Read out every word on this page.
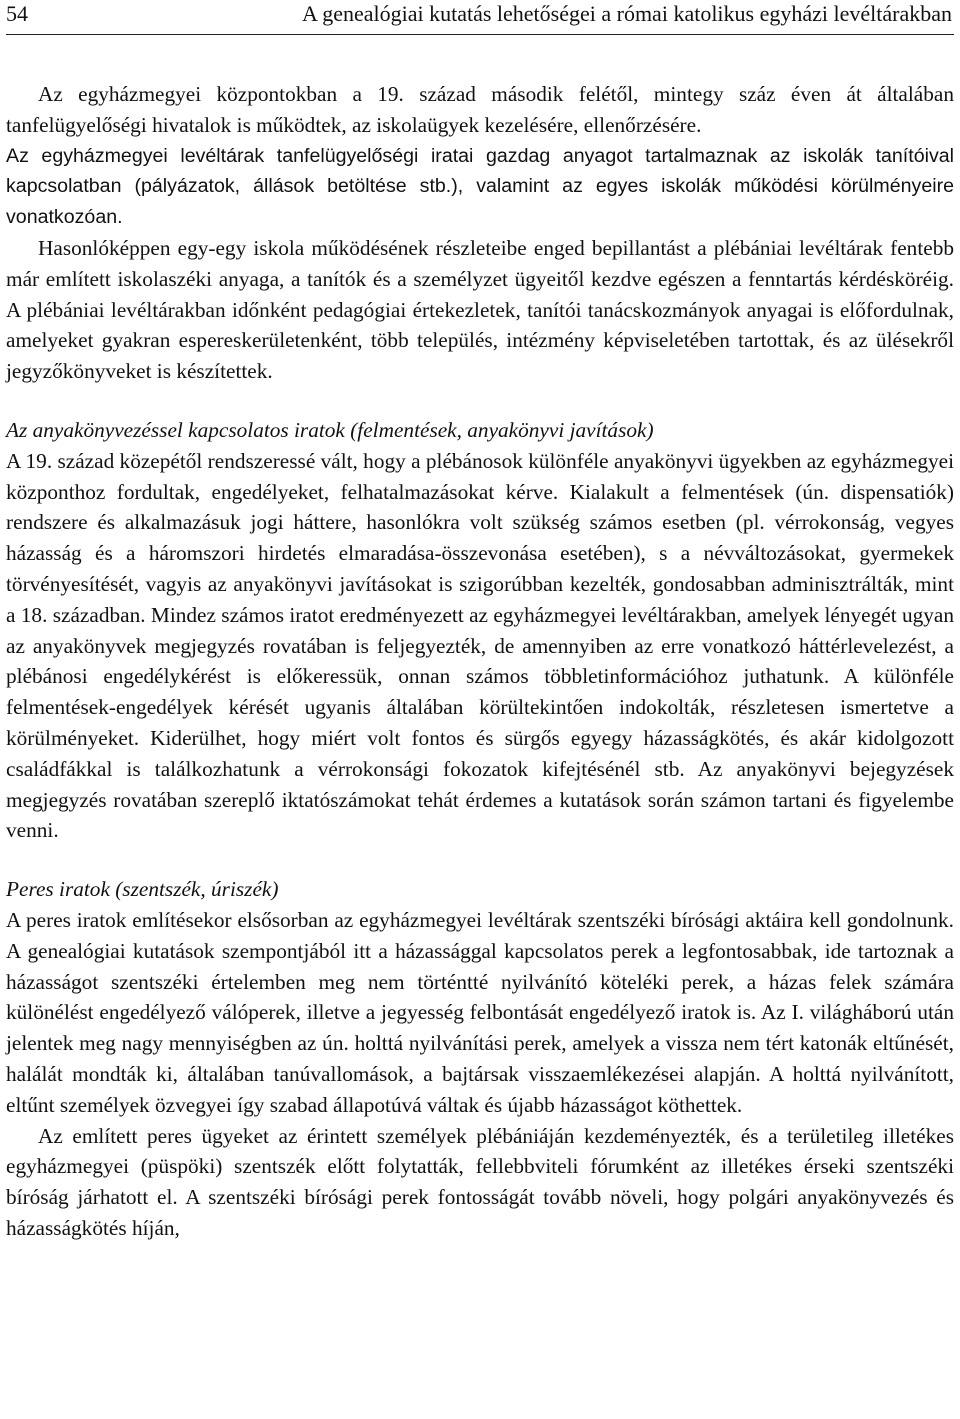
54	A genealógiai kutatás lehetőségei a római katolikus egyházi levéltárakban

Az egyházmegyei központokban a 19. század második felétől, mintegy száz éven át általában tanfelügyelőségi hivatalok is működtek, az iskolaügyek kezelésére, ellenőrzésére.

Az egyházmegyei levéltárak tanfelügyelőségi iratai gazdag anyagot tartalmaznak az iskolák tanítóival kapcsolatban (pályázatok, állások betöltése stb.), valamint az egyes iskolák működési körülményeire vonatkozóan.

Hasonlóképpen egy-egy iskola működésének részleteibe enged bepillantást a plébániai levéltárak fentebb már említett iskolaszéki anyaga, a tanítók és a személyzet ügyeitől kezdve egészen a fenntartás kérdésköréig. A plébániai levéltárakban időnként pedagógiai értekezletek, tanítói tanácskozmányok anyagai is előfordulnak, amelyeket gyakran espereskerületenként, több település, intézmény képviseletében tartottak, és az ülésekről jegyzőkönyveket is készítettek.

Az anyakönyvezéssel kapcsolatos iratok (felmentések, anyakönyvi javítások)

A 19. század közepétől rendszeressé vált, hogy a plébánosok különféle anyakönyvi ügyekben az egyházmegyei központhoz fordultak, engedélyeket, felhatalmazásokat kérve. Kialakult a felmentések (ún. dispensatiók) rendszere és alkalmazásuk jogi háttere, hasonlókra volt szükség számos esetben (pl. vérrokonság, vegyes házasság és a háromszori hirdetés elmaradása-összevonása esetében), s a névváltozásokat, gyermekek törvényesítését, vagyis az anyakönyvi javításokat is szigorúbban kezelték, gondosabban adminisztrálták, mint a 18. században. Mindez számos iratot eredményezett az egyházmegyei levéltárakban, amelyek lényegét ugyan az anyakönyvek megjegyzés rovatában is feljegyezték, de amennyiben az erre vonatkozó háttérlevelezést, a plébánosi engedélykérést is előkeressük, onnan számos többletinformációhoz juthatunk. A különféle felmentések-engedélyek kérését ugyanis általában körültekintően indokolták, részletesen ismertetve a körülményeket. Kiderülhet, hogy miért volt fontos és sürgős egyegy házasságkötés, és akár kidolgozott családfákkal is találkozhatunk a vérrokonsági fokozatok kifejtésénél stb. Az anyakönyvi bejegyzések megjegyzés rovatában szereplő iktatószámokat tehát érdemes a kutatások során számon tartani és figyelembe venni.

Peres iratok (szentszék, úriszék)

A peres iratok említésekor elsősorban az egyházmegyei levéltárak szentszéki bírósági aktáira kell gondolnunk. A genealógiai kutatások szempontjából itt a házassággal kapcsolatos perek a legfontosabbak, ide tartoznak a házasságot szentszéki értelemben meg nem történtté nyilvánító köteléki perek, a házas felek számára különélést engedélyező válóperek, illetve a jegyesség felbontását engedélyező iratok is. Az I. világháború után jelentek meg nagy mennyiségben az ún. holttá nyilvánítási perek, amelyek a vissza nem tért katonák eltűnését, halálát mondták ki, általában tanúvallomások, a bajtársak visszaemlékezései alapján. A holttá nyilvánított, eltűnt személyek özvegyei így szabad állapotúvá váltak és újabb házasságot köthettek.

Az említett peres ügyeket az érintett személyek plébániáján kezdeményezték, és a területileg illetékes egyházmegyei (püspöki) szentszék előtt folytatták, fellebbviteli fórumként az illetékes érseki szentszéki bíróság járhatott el. A szentszéki bírósági perek fontosságát tovább növeli, hogy polgári anyakönyvezés és házasságkötés híján,
